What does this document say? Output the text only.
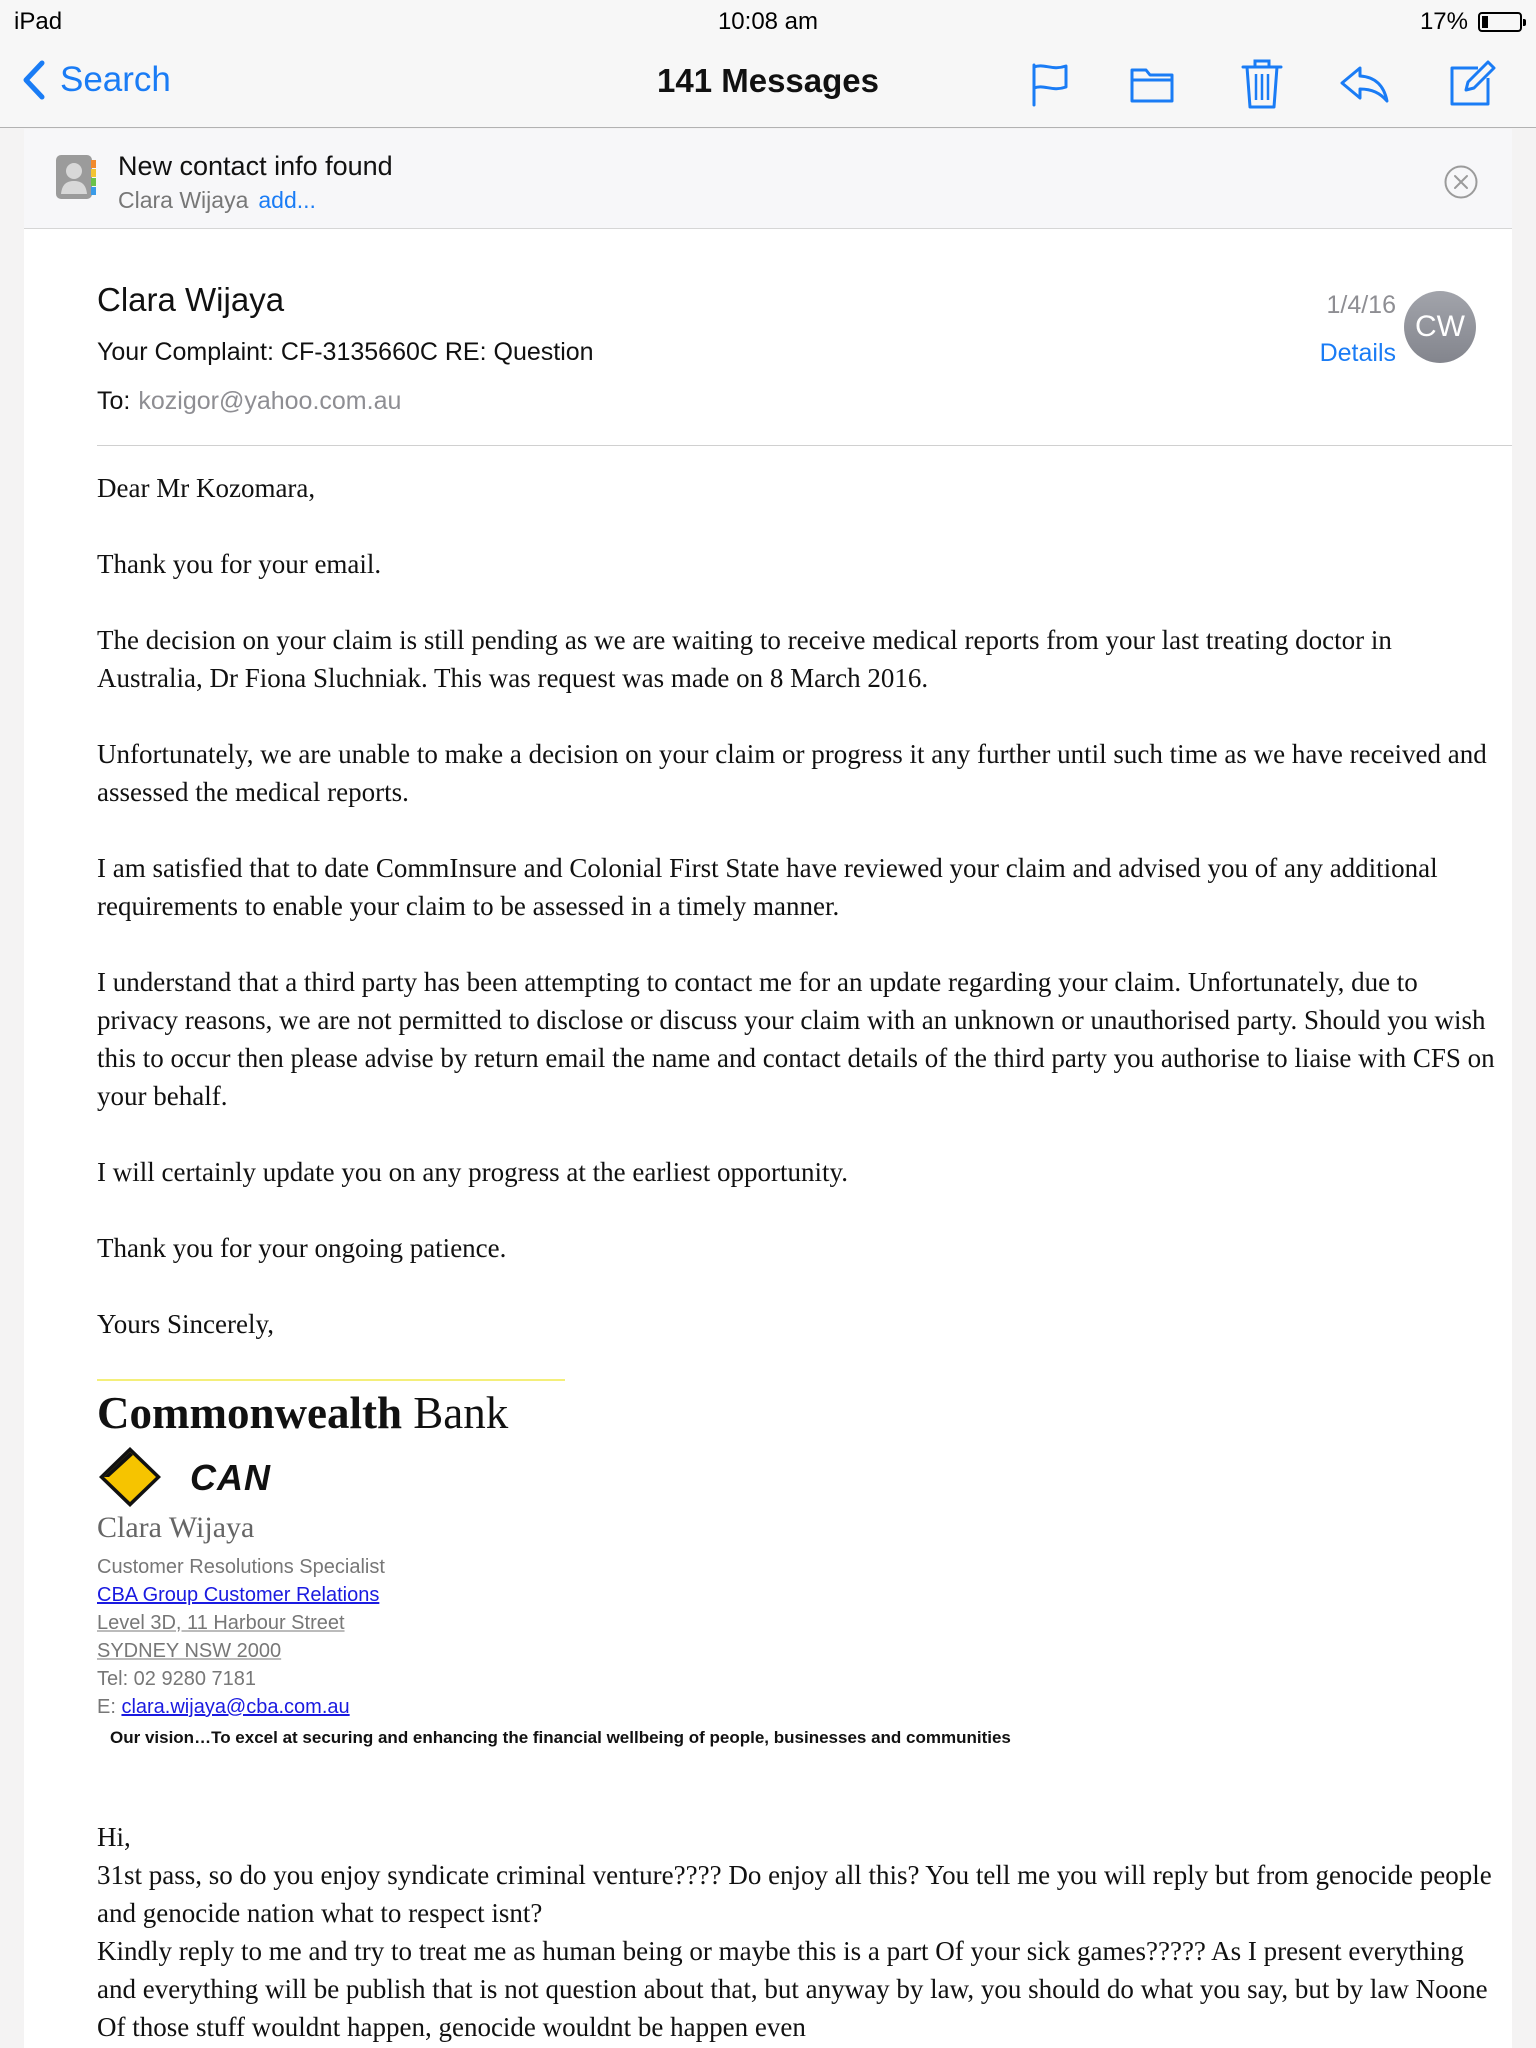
iPad	10:08 am	17%
Search	141 Messages
New contact info found
Clara Wijaya add...
Clara Wijaya
Your Complaint: CF-3135660C RE: Question
To: kozigor@yahoo.com.au
1/4/16
Details
CW

Dear Mr Kozomara,

Thank you for your email.

The decision on your claim is still pending as we are waiting to receive medical reports from your last treating doctor in Australia, Dr Fiona Sluchniak. This was request was made on 8 March 2016.

Unfortunately, we are unable to make a decision on your claim or progress it any further until such time as we have received and assessed the medical reports.

I am satisfied that to date CommInsure and Colonial First State have reviewed your claim and advised you of any additional requirements to enable your claim to be assessed in a timely manner.

I understand that a third party has been attempting to contact me for an update regarding your claim. Unfortunately, due to privacy reasons, we are not permitted to disclose or discuss your claim with an unknown or unauthorised party. Should you wish this to occur then please advise by return email the name and contact details of the third party you authorise to liaise with CFS on your behalf.

I will certainly update you on any progress at the earliest opportunity.

Thank you for your ongoing patience.

Yours Sincerely,

Commonwealth Bank
CAN
Clara Wijaya
Customer Resolutions Specialist
CBA Group Customer Relations
Level 3D, 11 Harbour Street
SYDNEY NSW 2000
Tel: 02 9280 7181
E: clara.wijaya@cba.com.au
Our vision…To excel at securing and enhancing the financial wellbeing of people, businesses and communities
Hi,
31st pass, so do you enjoy syndicate criminal venture???? Do enjoy all this? You tell me you will reply but from genocide people and genocide nation what to respect isnt?
Kindly reply to me and try to treat me as human being or maybe this is a part Of your sick games????? As I present everything and everything will be publish that is not question about that, but anyway by law, you should do what you say, but by law Noone Of those stuff wouldnt happen, genocide wouldnt be happen even
